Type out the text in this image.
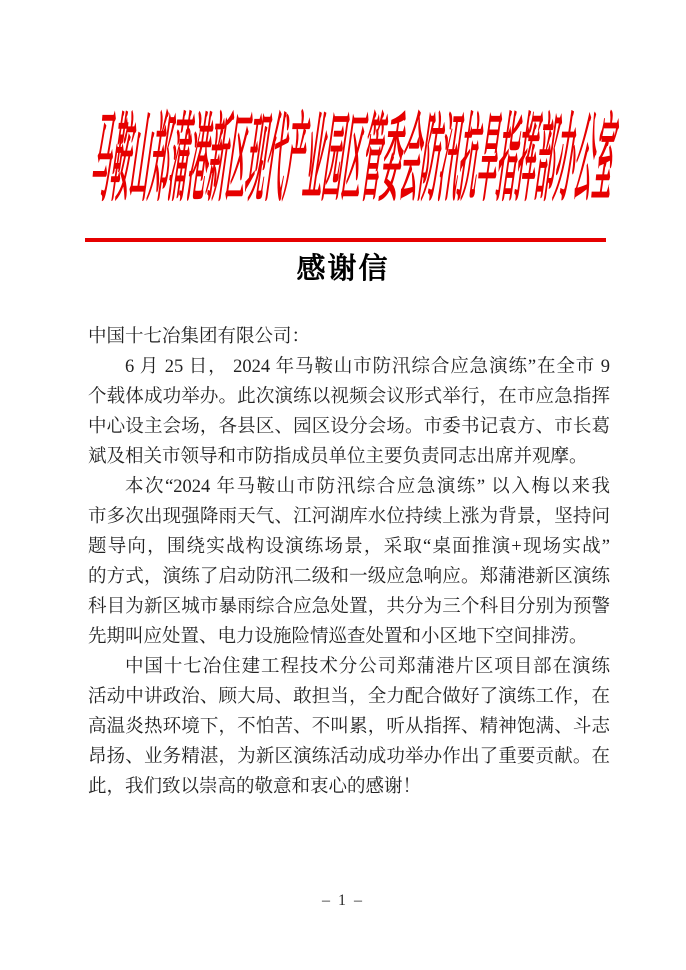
马鞍山郑蒲港新区现代产业园区管委会防汛抗旱指挥部办公室
感谢信
中国十七冶集团有限公司：
6 月 25 日， 2024 年马鞍山市防汛综合应急演练”在全市 9
个载体成功举办。此次演练以视频会议形式举行，在市应急指挥
中心设主会场，各县区、园区设分会场。市委书记袁方、市长葛
斌及相关市领导和市防指成员单位主要负责同志出席并观摩。
本次“2024 年马鞍山市防汛综合应急演练” 以入梅以来我
市多次出现强降雨天气、江河湖库水位持续上涨为背景，坚持问
题导向，围绕实战构设演练场景，采取“桌面推演+现场实战”
的方式，演练了启动防汛二级和一级应急响应。郑蒲港新区演练
科目为新区城市暴雨综合应急处置，共分为三个科目分别为预警
先期叫应处置、电力设施险情巡查处置和小区地下空间排涝。
中国十七冶住建工程技术分公司郑蒲港片区项目部在演练
活动中讲政治、顾大局、敢担当，全力配合做好了演练工作，在
高温炎热环境下，不怕苦、不叫累，听从指挥、精神饱满、斗志
昂扬、业务精湛，为新区演练活动成功举办作出了重要贡献。在
此，我们致以崇高的敬意和衷心的感谢！
– 1 –
